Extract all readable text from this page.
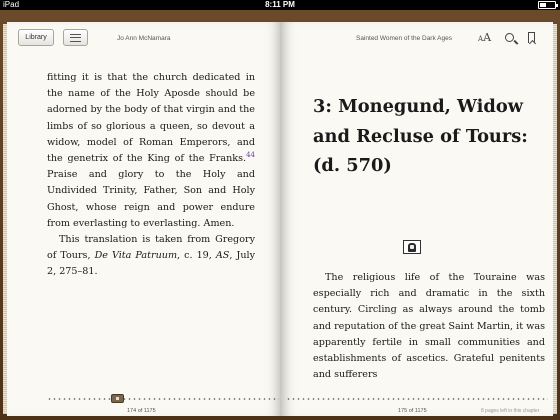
iPad	8:11 PM
Library	Jo Ann McNamara

fitting it is that the church dedicated in the name of the Holy Aposde should be adorned by the body of that virgin and the limbs of so glorious a queen, so devout a widow, model of Roman Emperors, and the genetrix of the King of the Franks.$^{44}$ Praise and glory to the Holy and Undivided Trinity, Father, Son and Holy Ghost, whose reign and power endure from everlasting to everlasting. Amen.

This translation is taken from Gregory of Tours, De Vita Patruum, c. 19, AS, July 2, 275–81.

174 of 1175
Sainted Women of the Dark Ages	AA
3: Monegund, Widow and Recluse of Tours: (d. 570)

The religious life of the Touraine was especially rich and dramatic in the sixth century. Circling as always around the tomb and reputation of the great Saint Martin, it was apparently fertile in small communities and establishments of ascetics. Grateful penitents and sufferers

175 of 1175	8 pages left in this chapter
